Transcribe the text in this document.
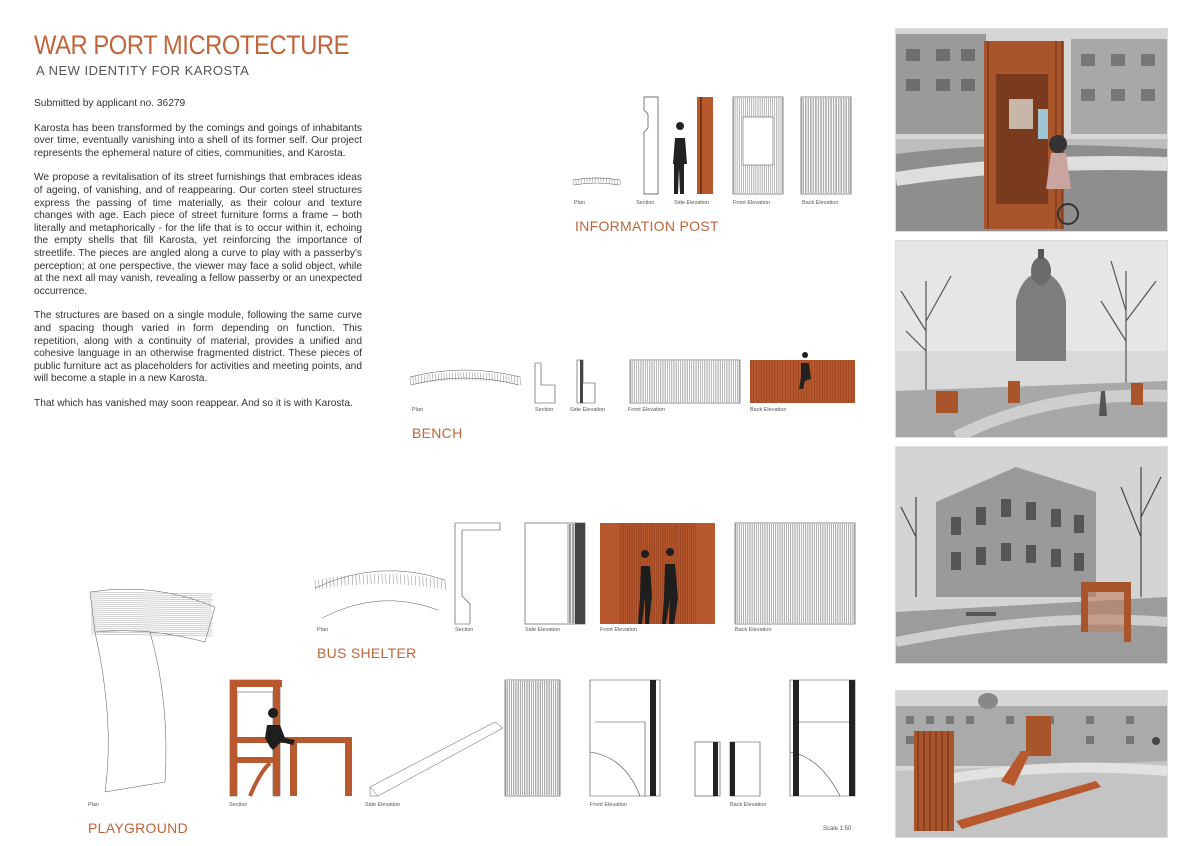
WAR PORT MICROTECTURE
A NEW IDENTITY FOR KAROSTA

Submitted by applicant no. 36279

Karosta has been transformed by the comings and goings of inhabitants over time, eventually vanishing into a shell of its former self. Our project represents the ephemeral nature of cities, communities, and Karosta.

We propose a revitalisation of its street furnishings that embraces ideas of ageing, of vanishing, and of reappearing. Our corten steel structures express the passing of time materially, as their colour and texture changes with age. Each piece of street furniture forms a frame – both literally and metaphorically - for the life that is to occur within it, echoing the empty shells that fill Karosta, yet reinforcing the importance of streetlife. The pieces are angled along a curve to play with a passerby's perception; at one perspective, the viewer may face a solid object, while at the next all may vanish, revealing a fellow passerby or an unexpected occurrence.

The structures are based on a single module, following the same curve and spacing though varied in form depending on function. This repetition, along with a continuity of material, provides a unified and cohesive language in an otherwise fragmented district. These pieces of public furniture act as placeholders for activities and meeting points, and will become a staple in a new Karosta.

That which has vanished may soon reappear. And so it is with Karosta.

Plan	Section	Side Elevation	Front Elevation	Back Elevation
INFORMATION POST
Plan	Section	Side Elevation	Front Elevation	Back Elevation
BENCH
Plan	Section	Side Elevation	Front Elevation	Back Elevation
BUS SHELTER
Plan	Section	Side Elevation	Front Elevation	Back Elevation
PLAYGROUND	Scale 1:50
